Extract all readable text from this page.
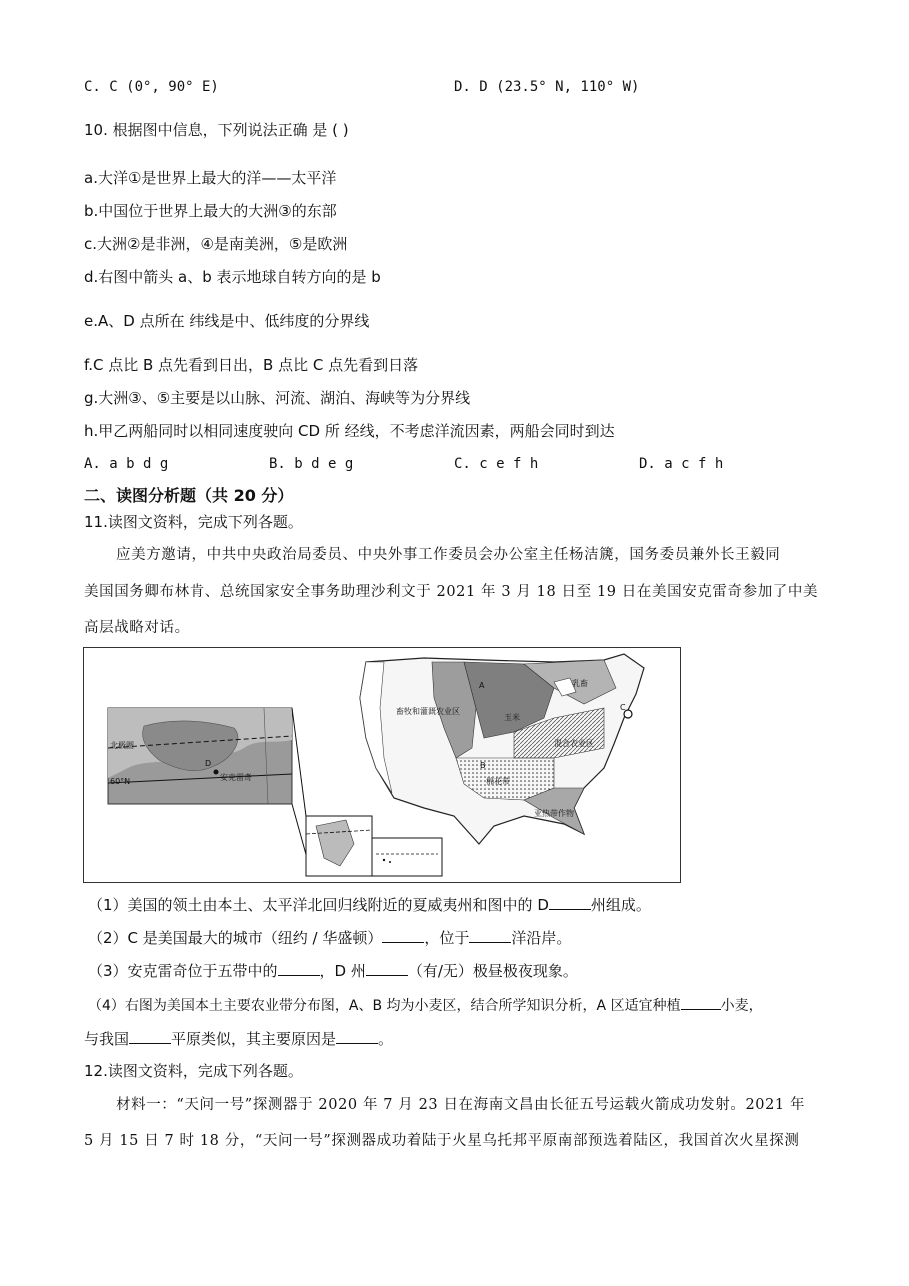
C. C (0°, 90° E)	D. D (23.5° N, 110° W)
10. 根据图中信息，下列说法正确 是 ( )
a.大洋①是世界上最大的洋——太平洋
b.中国位于世界上最大的大洲③的东部
c.大洲②是非洲，④是南美洲，⑤是欧洲
d.右图中箭头 a、b 表示地球自转方向的是 b
e.A、D 点所在 纬线是中、低纬度的分界线
f.C 点比 B 点先看到日出，B 点比 C 点先看到日落
g.大洲③、⑤主要是以山脉、河流、湖泊、海峡等为分界线
h.甲乙两船同时以相同速度驶向 CD 所 经线，不考虑洋流因素，两船会同时到达
A. a b d g	B. b d e g	C. c e f h	D. a c f h
二、读图分析题（共 20 分）
11.读图文资料，完成下列各题。
应美方邀请，中共中央政治局委员、中央外事工作委员会办公室主任杨洁篪，国务委员兼外长王毅同
美国国务卿布林肯、总统国家安全事务助理沙利文于 2021 年 3 月 18 日至 19 日在美国安克雷奇参加了中美
高层战略对话。
北极圈
60°N
D
安克雷奇
C
畜牧和灌溉农业区
A
B
乳畜
玉米
混合农业区
棉花带
亚热带作物
（1）美国的领土由本土、太平洋北回归线附近的夏威夷州和图中的 D	州组成。
（2）C 是美国最大的城市（纽约 / 华盛顿）	，位于	洋沿岸。
（3）安克雷奇位于五带中的	，D 州	（有/无）极昼极夜现象。
（4）右图为美国本土主要农业带分布图，A、B 均为小麦区，结合所学知识分析，A 区适宜种植	小麦，
与我国	平原类似，其主要原因是	。
12.读图文资料，完成下列各题。
材料一：“天问一号”探测器于 2020 年 7 月 23 日在海南文昌由长征五号运载火箭成功发射。2021 年
5 月 15 日 7 时 18 分，“天问一号”探测器成功着陆于火星乌托邦平原南部预选着陆区，我国首次火星探测
